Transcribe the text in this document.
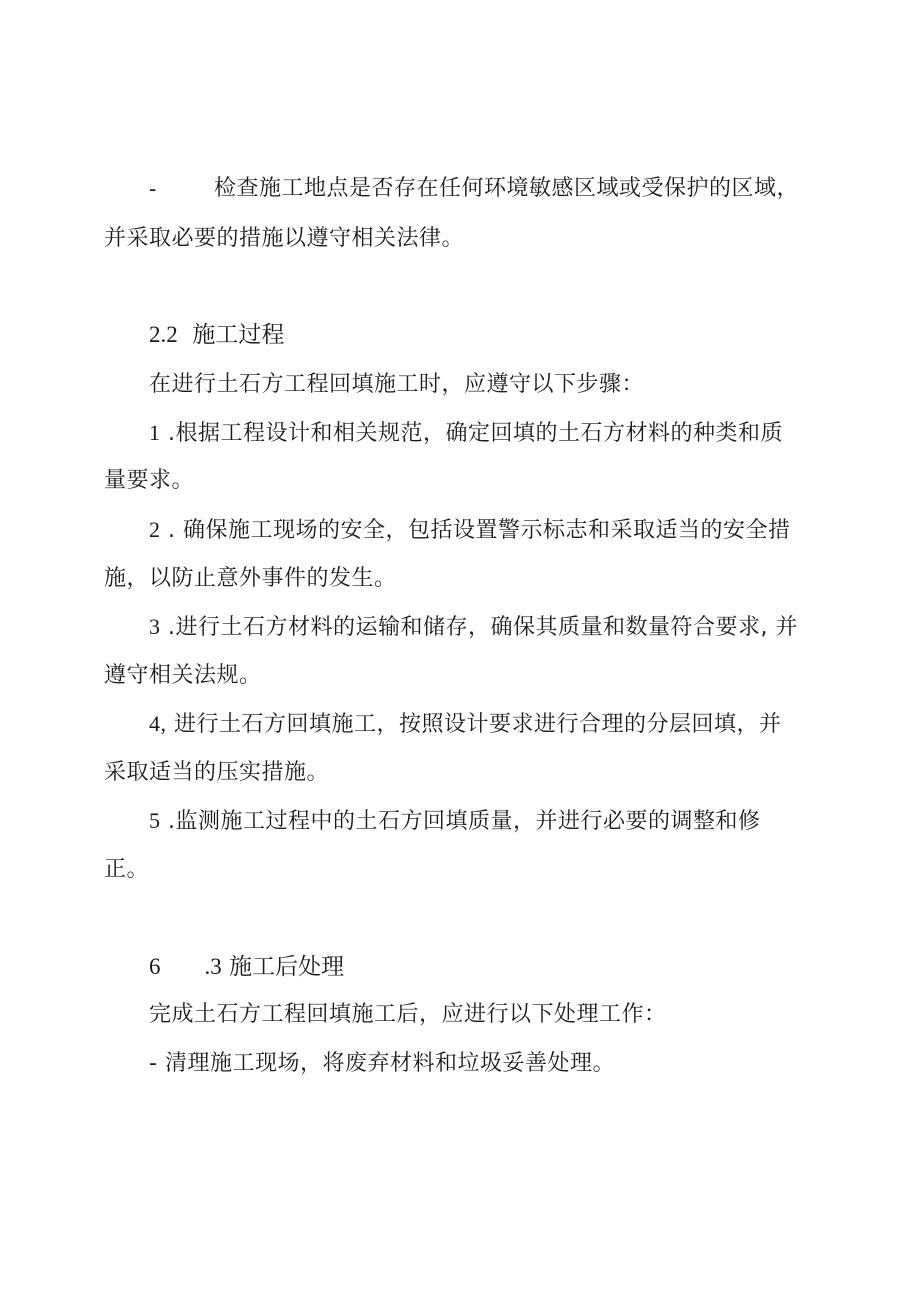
-	检查施工地点是否存在任何环境敏感区域或受保护的区域，
并采取必要的措施以遵守相关法律。
2.2 施工过程
在进行土石方工程回填施工时，应遵守以下步骤：
1 .根据工程设计和相关规范，确定回填的土石方材料的种类和质
量要求。
2 . 确保施工现场的安全，包括设置警示标志和采取适当的安全措
施，以防止意外事件的发生。
3 .进行土石方材料的运输和储存，确保其质量和数量符合要求, 并
遵守相关法规。
4, 进行土石方回填施工，按照设计要求进行合理的分层回填，并
采取适当的压实措施。
5 .监测施工过程中的土石方回填质量，并进行必要的调整和修
正。
6 .3 施工后处理
完成土石方工程回填施工后，应进行以下处理工作：
- 清理施工现场，将废弃材料和垃圾妥善处理。
